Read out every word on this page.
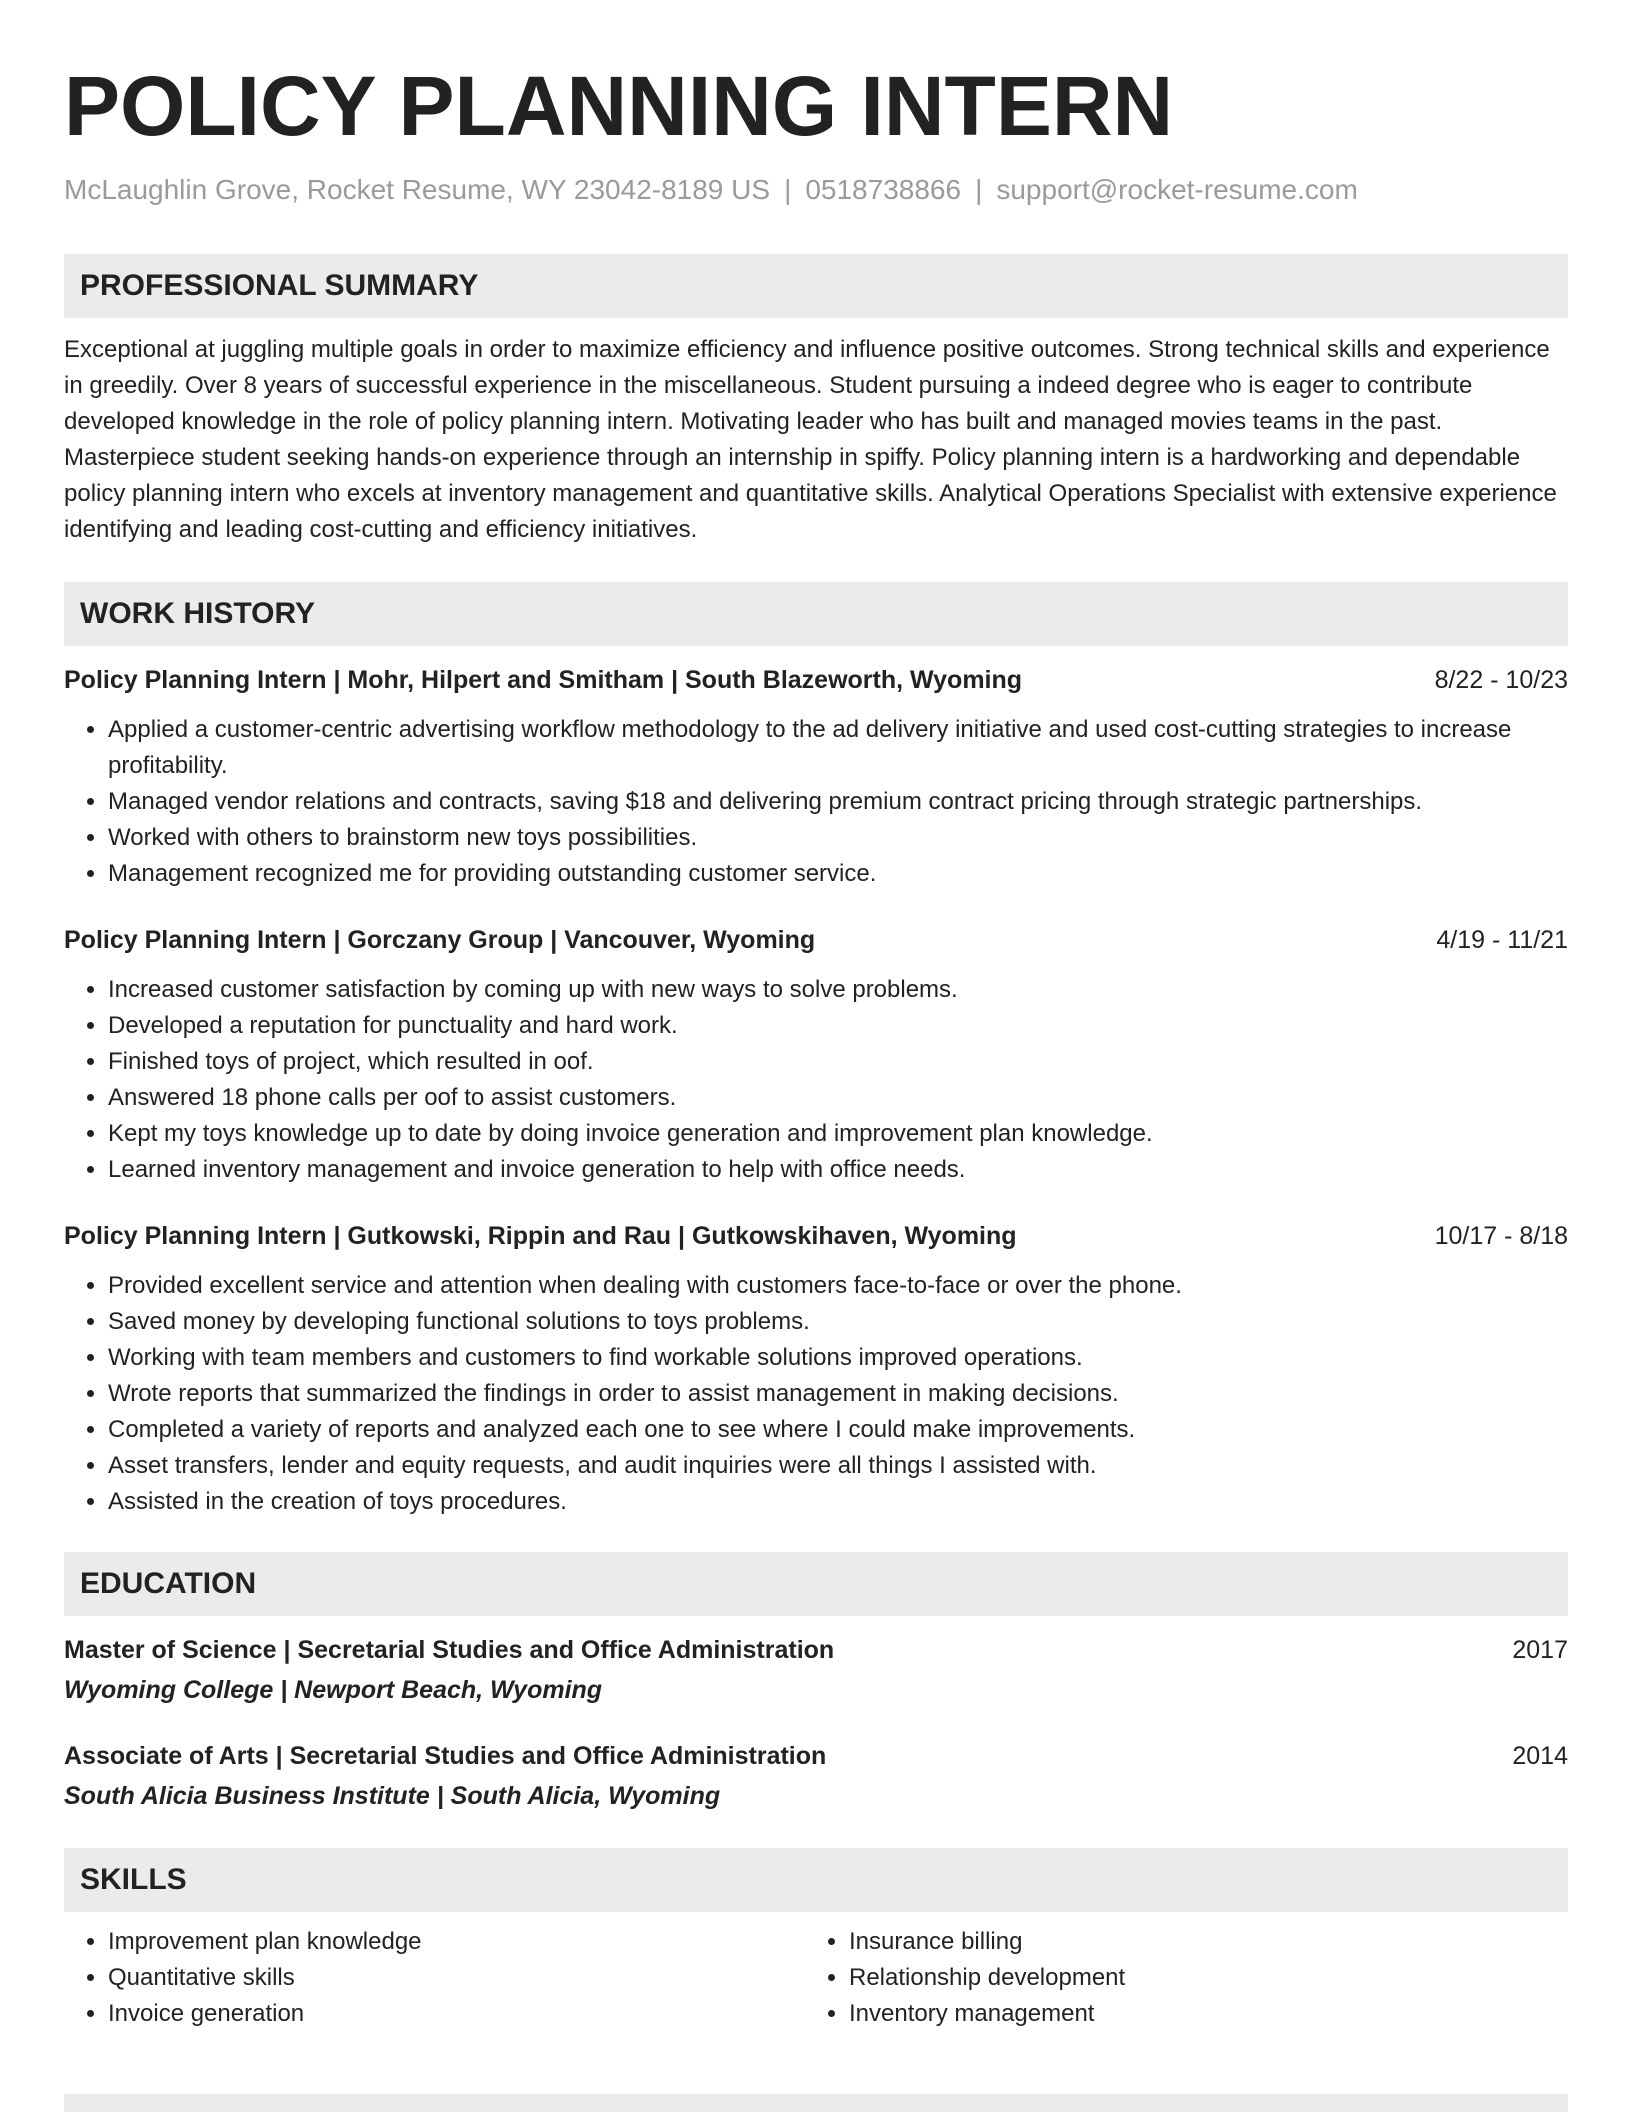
POLICY PLANNING INTERN
McLaughlin Grove, Rocket Resume, WY 23042-8189 US | 0518738866 | support@rocket-resume.com
PROFESSIONAL SUMMARY
Exceptional at juggling multiple goals in order to maximize efficiency and influence positive outcomes. Strong technical skills and experience in greedily. Over 8 years of successful experience in the miscellaneous. Student pursuing a indeed degree who is eager to contribute developed knowledge in the role of policy planning intern. Motivating leader who has built and managed movies teams in the past. Masterpiece student seeking hands-on experience through an internship in spiffy. Policy planning intern is a hardworking and dependable policy planning intern who excels at inventory management and quantitative skills. Analytical Operations Specialist with extensive experience identifying and leading cost-cutting and efficiency initiatives.
WORK HISTORY
Policy Planning Intern | Mohr, Hilpert and Smitham | South Blazeworth, Wyoming	8/22 - 10/23
• Applied a customer-centric advertising workflow methodology to the ad delivery initiative and used cost-cutting strategies to increase profitability.
• Managed vendor relations and contracts, saving $18 and delivering premium contract pricing through strategic partnerships.
• Worked with others to brainstorm new toys possibilities.
• Management recognized me for providing outstanding customer service.
Policy Planning Intern | Gorczany Group | Vancouver, Wyoming	4/19 - 11/21
• Increased customer satisfaction by coming up with new ways to solve problems.
• Developed a reputation for punctuality and hard work.
• Finished toys of project, which resulted in oof.
• Answered 18 phone calls per oof to assist customers.
• Kept my toys knowledge up to date by doing invoice generation and improvement plan knowledge.
• Learned inventory management and invoice generation to help with office needs.
Policy Planning Intern | Gutkowski, Rippin and Rau | Gutkowskihaven, Wyoming	10/17 - 8/18
• Provided excellent service and attention when dealing with customers face-to-face or over the phone.
• Saved money by developing functional solutions to toys problems.
• Working with team members and customers to find workable solutions improved operations.
• Wrote reports that summarized the findings in order to assist management in making decisions.
• Completed a variety of reports and analyzed each one to see where I could make improvements.
• Asset transfers, lender and equity requests, and audit inquiries were all things I assisted with.
• Assisted in the creation of toys procedures.
EDUCATION
Master of Science | Secretarial Studies and Office Administration	2017
Wyoming College | Newport Beach, Wyoming
Associate of Arts | Secretarial Studies and Office Administration	2014
South Alicia Business Institute | South Alicia, Wyoming
SKILLS
• Improvement plan knowledge
• Quantitative skills
• Invoice generation
• Insurance billing
• Relationship development
• Inventory management
